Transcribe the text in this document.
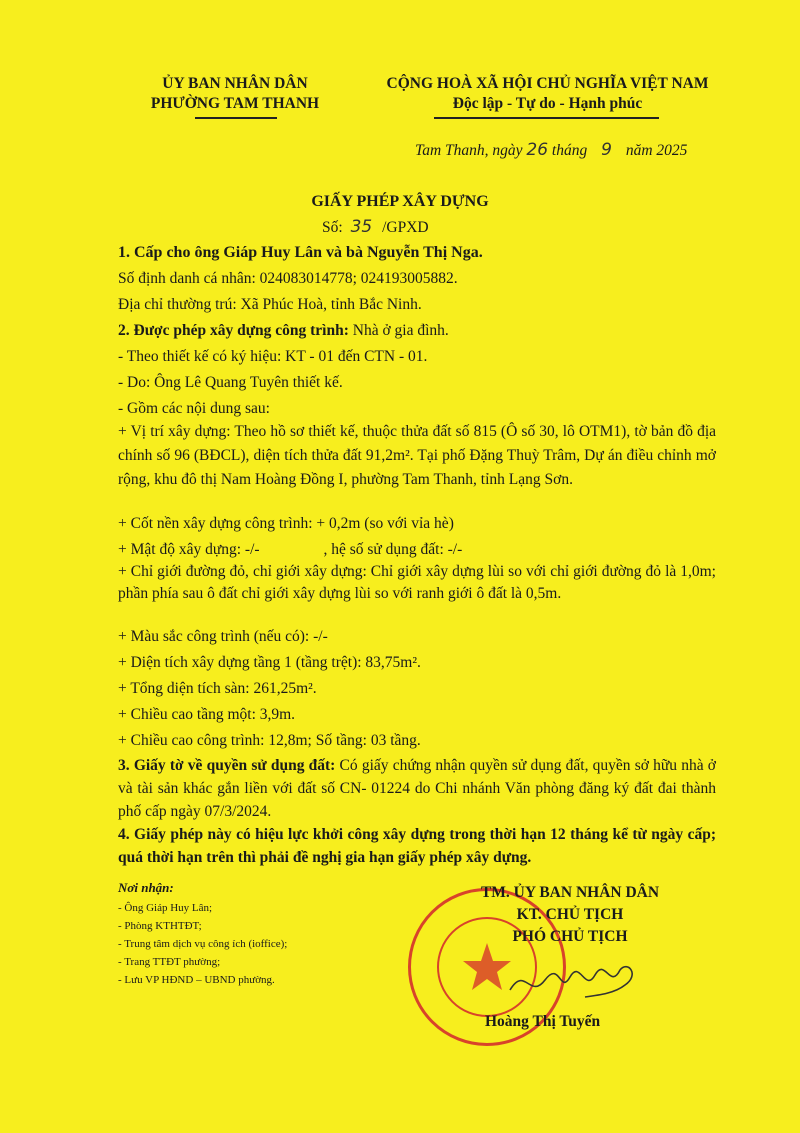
ỦY BAN NHÂN DÂN
PHƯỜNG TAM THANH
CỘNG HOÀ XÃ HỘI CHỦ NGHĨA VIỆT NAM
Độc lập - Tự do - Hạnh phúc
Tam Thanh, ngày 26 tháng 9 năm 2025
GIẤY PHÉP XÂY DỰNG
Số: 35 /GPXD
1. Cấp cho ông Giáp Huy Lân và bà Nguyễn Thị Nga.
Số định danh cá nhân: 024083014778; 024193005882.
Địa chỉ thường trú: Xã Phúc Hoà, tỉnh Bắc Ninh.
2. Được phép xây dựng công trình: Nhà ở gia đình.
- Theo thiết kế có ký hiệu: KT - 01 đến CTN - 01.
- Do: Ông Lê Quang Tuyên thiết kế.
- Gồm các nội dung sau:
+ Vị trí xây dựng: Theo hồ sơ thiết kế, thuộc thửa đất số 815 (Ô số 30, lô OTM1), tờ bản đồ địa chính số 96 (BĐCL), diện tích thửa đất 91,2m². Tại phố Đặng Thuỳ Trâm, Dự án điều chỉnh mở rộng, khu đô thị Nam Hoàng Đồng I, phường Tam Thanh, tỉnh Lạng Sơn.
+ Cốt nền xây dựng công trình: + 0,2m (so với vỉa hè)
+ Mật độ xây dựng: -/-	, hệ số sử dụng đất: -/-
+ Chỉ giới đường đỏ, chỉ giới xây dựng: Chỉ giới xây dựng lùi so với chỉ giới đường đỏ là 1,0m; phần phía sau ô đất chỉ giới xây dựng lùi so với ranh giới ô đất là 0,5m.
+ Màu sắc công trình (nếu có): -/-
+ Diện tích xây dựng tầng 1 (tầng trệt): 83,75m².
+ Tổng diện tích sàn: 261,25m².
+ Chiều cao tầng một: 3,9m.
+ Chiều cao công trình: 12,8m; Số tầng: 03 tầng.
3. Giấy tờ về quyền sử dụng đất: Có giấy chứng nhận quyền sử dụng đất, quyền sở hữu nhà ở và tài sản khác gắn liền với đất số CN- 01224 do Chi nhánh Văn phòng đăng ký đất đai thành phố cấp ngày 07/3/2024.
4. Giấy phép này có hiệu lực khởi công xây dựng trong thời hạn 12 tháng kể từ ngày cấp; quá thời hạn trên thì phải đề nghị gia hạn giấy phép xây dựng.
Nơi nhận:
- Ông Giáp Huy Lân;
- Phòng KTHTĐT;
- Trung tâm dịch vụ công ích (ioffice);
- Trang TTĐT phường;
- Lưu VP HĐND – UBND phường.
TM. ỦY BAN NHÂN DÂN
KT. CHỦ TỊCH
PHÓ CHỦ TỊCH
Hoàng Thị Tuyến
